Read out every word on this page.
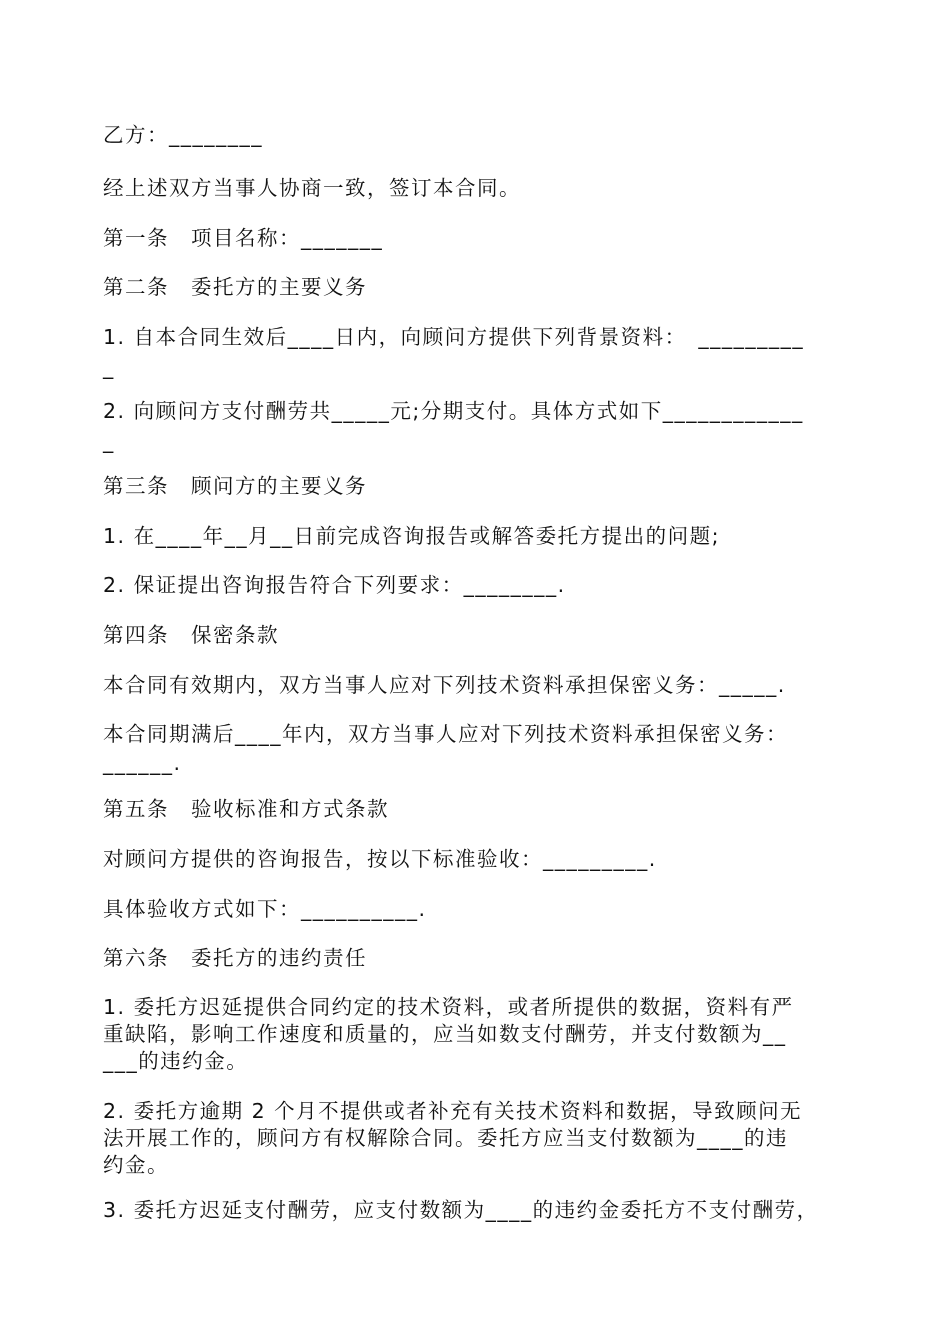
乙方：________
经上述双方当事人协商一致，签订本合同。
第一条　项目名称：_______
第二条　委托方的主要义务
1. 自本合同生效后____日内，向顾问方提供下列背景资料：　_________
_
2. 向顾问方支付酬劳共_____元;分期支付。具体方式如下____________
_
第三条　顾问方的主要义务
1. 在____年__月__日前完成咨询报告或解答委托方提出的问题;
2. 保证提出咨询报告符合下列要求：________.
第四条　保密条款
本合同有效期内，双方当事人应对下列技术资料承担保密义务：_____.
本合同期满后____年内，双方当事人应对下列技术资料承担保密义务：
______.
第五条　验收标准和方式条款
对顾问方提供的咨询报告，按以下标准验收：_________.
具体验收方式如下：__________.
第六条　委托方的违约责任
1. 委托方迟延提供合同约定的技术资料，或者所提供的数据，资料有严
重缺陷，影响工作速度和质量的，应当如数支付酬劳，并支付数额为__
___的违约金。
2. 委托方逾期 2 个月不提供或者补充有关技术资料和数据，导致顾问无
法开展工作的，顾问方有权解除合同。委托方应当支付数额为____的违
约金。
3. 委托方迟延支付酬劳，应支付数额为____的违约金委托方不支付酬劳，
